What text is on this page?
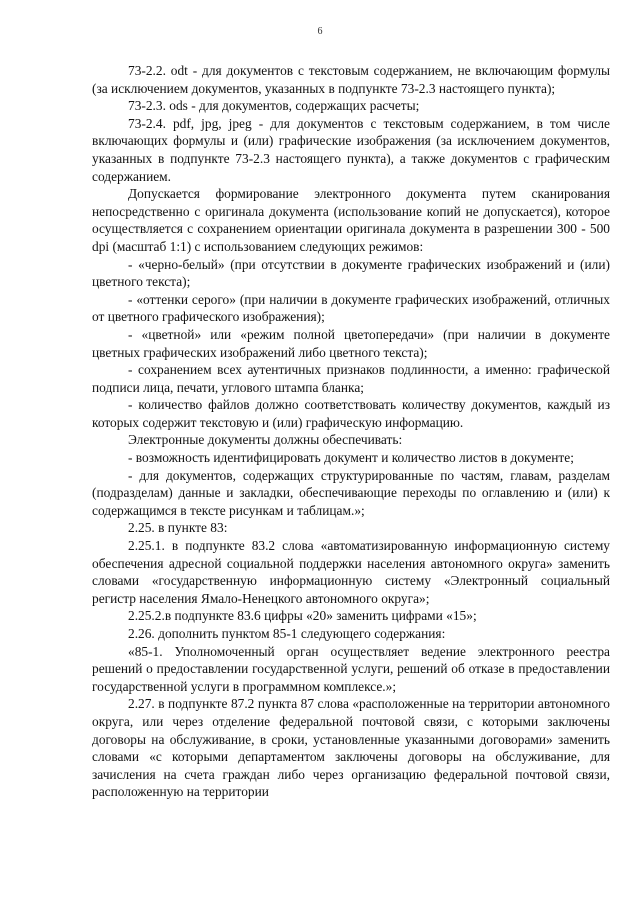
6

73-2.2. odt - для документов с текстовым содержанием, не включающим формулы (за исключением документов, указанных в подпункте 73-2.3 настоящего пункта);

73-2.3. ods - для документов, содержащих расчеты;

73-2.4. pdf, jpg, jpeg - для документов с текстовым содержанием, в том числе включающих формулы и (или) графические изображения (за исключением документов, указанных в подпункте 73-2.3 настоящего пункта), а также документов с графическим содержанием.

Допускается формирование электронного документа путем сканирования непосредственно с оригинала документа (использование копий не допускается), которое осуществляется с сохранением ориентации оригинала документа в разрешении 300 - 500 dpi (масштаб 1:1) с использованием следующих режимов:

- «черно-белый» (при отсутствии в документе графических изображений и (или) цветного текста);

- «оттенки серого» (при наличии в документе графических изображений, отличных от цветного графического изображения);

- «цветной» или «режим полной цветопередачи» (при наличии в документе цветных графических изображений либо цветного текста);

- сохранением всех аутентичных признаков подлинности, а именно: графической подписи лица, печати, углового штампа бланка;

- количество файлов должно соответствовать количеству документов, каждый из которых содержит текстовую и (или) графическую информацию.

Электронные документы должны обеспечивать:

- возможность идентифицировать документ и количество листов в документе;

- для документов, содержащих структурированные по частям, главам, разделам (подразделам) данные и закладки, обеспечивающие переходы по оглавлению и (или) к содержащимся в тексте рисункам и таблицам.»;

2.25. в пункте 83:

2.25.1. в подпункте 83.2 слова «автоматизированную информационную систему обеспечения адресной социальной поддержки населения автономного округа» заменить словами «государственную информационную систему «Электронный социальный регистр населения Ямало-Ненецкого автономного округа»;

2.25.2.в подпункте 83.6 цифры «20» заменить цифрами «15»;

2.26. дополнить пунктом 85-1 следующего содержания:

«85-1. Уполномоченный орган осуществляет ведение электронного реестра решений о предоставлении государственной услуги, решений об отказе в предоставлении государственной услуги в программном комплексе.»;

2.27. в подпункте 87.2 пункта 87 слова «расположенные на территории автономного округа, или через отделение федеральной почтовой связи, с которыми заключены договоры на обслуживание, в сроки, установленные указанными договорами» заменить словами «с которыми департаментом заключены договоры на обслуживание, для зачисления на счета граждан либо через организацию федеральной почтовой связи, расположенную на территории
